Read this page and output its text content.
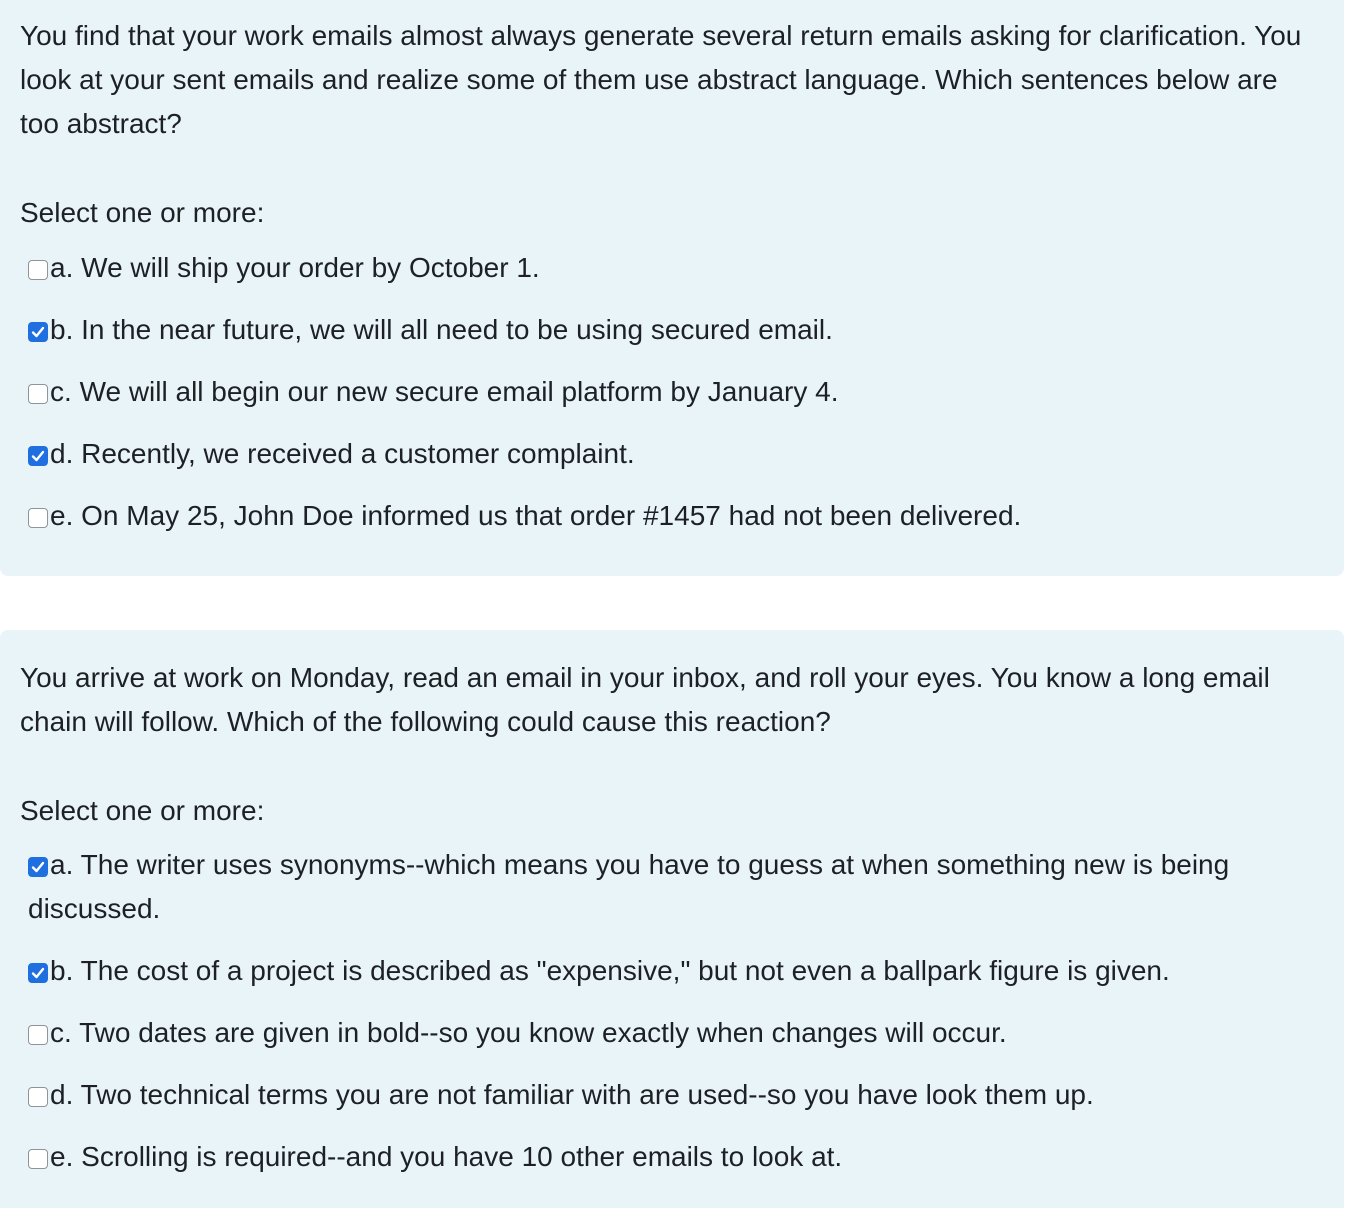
You find that your work emails almost always generate several return emails asking for clarification. You look at your sent emails and realize some of them use abstract language. Which sentences below are too abstract?
Select one or more:
a. We will ship your order by October 1.
b. In the near future, we will all need to be using secured email.
c. We will all begin our new secure email platform by January 4.
d. Recently, we received a customer complaint.
e. On May 25, John Doe informed us that order #1457 had not been delivered.
You arrive at work on Monday, read an email in your inbox, and roll your eyes. You know a long email chain will follow. Which of the following could cause this reaction?
Select one or more:
a. The writer uses synonyms--which means you have to guess at when something new is being discussed.
b. The cost of a project is described as "expensive," but not even a ballpark figure is given.
c. Two dates are given in bold--so you know exactly when changes will occur.
d. Two technical terms you are not familiar with are used--so you have look them up.
e. Scrolling is required--and you have 10 other emails to look at.
